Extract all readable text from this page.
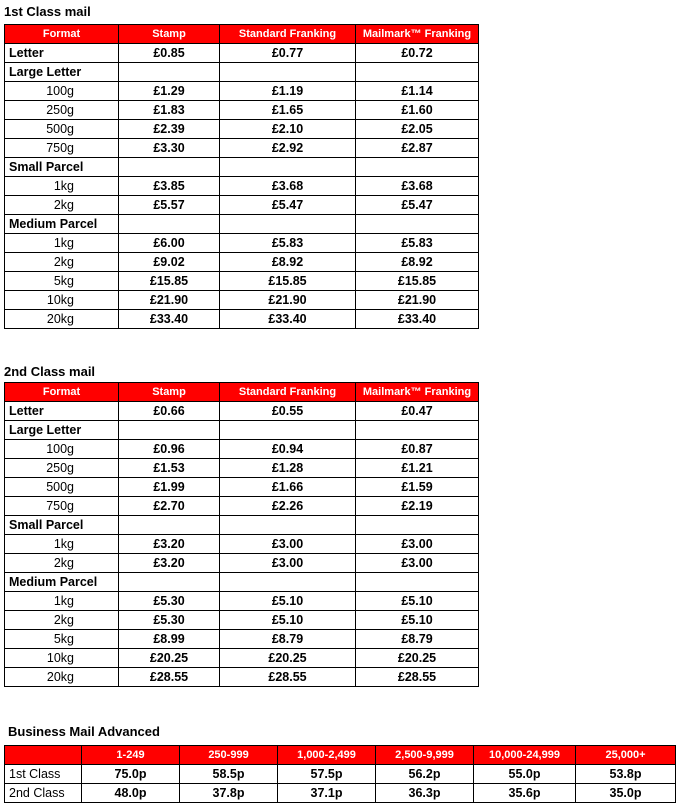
1st Class mail
Format	Stamp	Standard Franking	Mailmark™ Franking
Letter	£0.85	£0.77	£0.72
Large Letter			
100g	£1.29	£1.19	£1.14
250g	£1.83	£1.65	£1.60
500g	£2.39	£2.10	£2.05
750g	£3.30	£2.92	£2.87
Small Parcel			
1kg	£3.85	£3.68	£3.68
2kg	£5.57	£5.47	£5.47
Medium Parcel			
1kg	£6.00	£5.83	£5.83
2kg	£9.02	£8.92	£8.92
5kg	£15.85	£15.85	£15.85
10kg	£21.90	£21.90	£21.90
20kg	£33.40	£33.40	£33.40
2nd Class mail
Format	Stamp	Standard Franking	Mailmark™ Franking
Letter	£0.66	£0.55	£0.47
Large Letter			
100g	£0.96	£0.94	£0.87
250g	£1.53	£1.28	£1.21
500g	£1.99	£1.66	£1.59
750g	£2.70	£2.26	£2.19
Small Parcel			
1kg	£3.20	£3.00	£3.00
2kg	£3.20	£3.00	£3.00
Medium Parcel			
1kg	£5.30	£5.10	£5.10
2kg	£5.30	£5.10	£5.10
5kg	£8.99	£8.79	£8.79
10kg	£20.25	£20.25	£20.25
20kg	£28.55	£28.55	£28.55
Business Mail Advanced
	1-249	250-999	1,000-2,499	2,500-9,999	10,000-24,999	25,000+
1st Class	75.0p	58.5p	57.5p	56.2p	55.0p	53.8p
2nd Class	48.0p	37.8p	37.1p	36.3p	35.6p	35.0p
